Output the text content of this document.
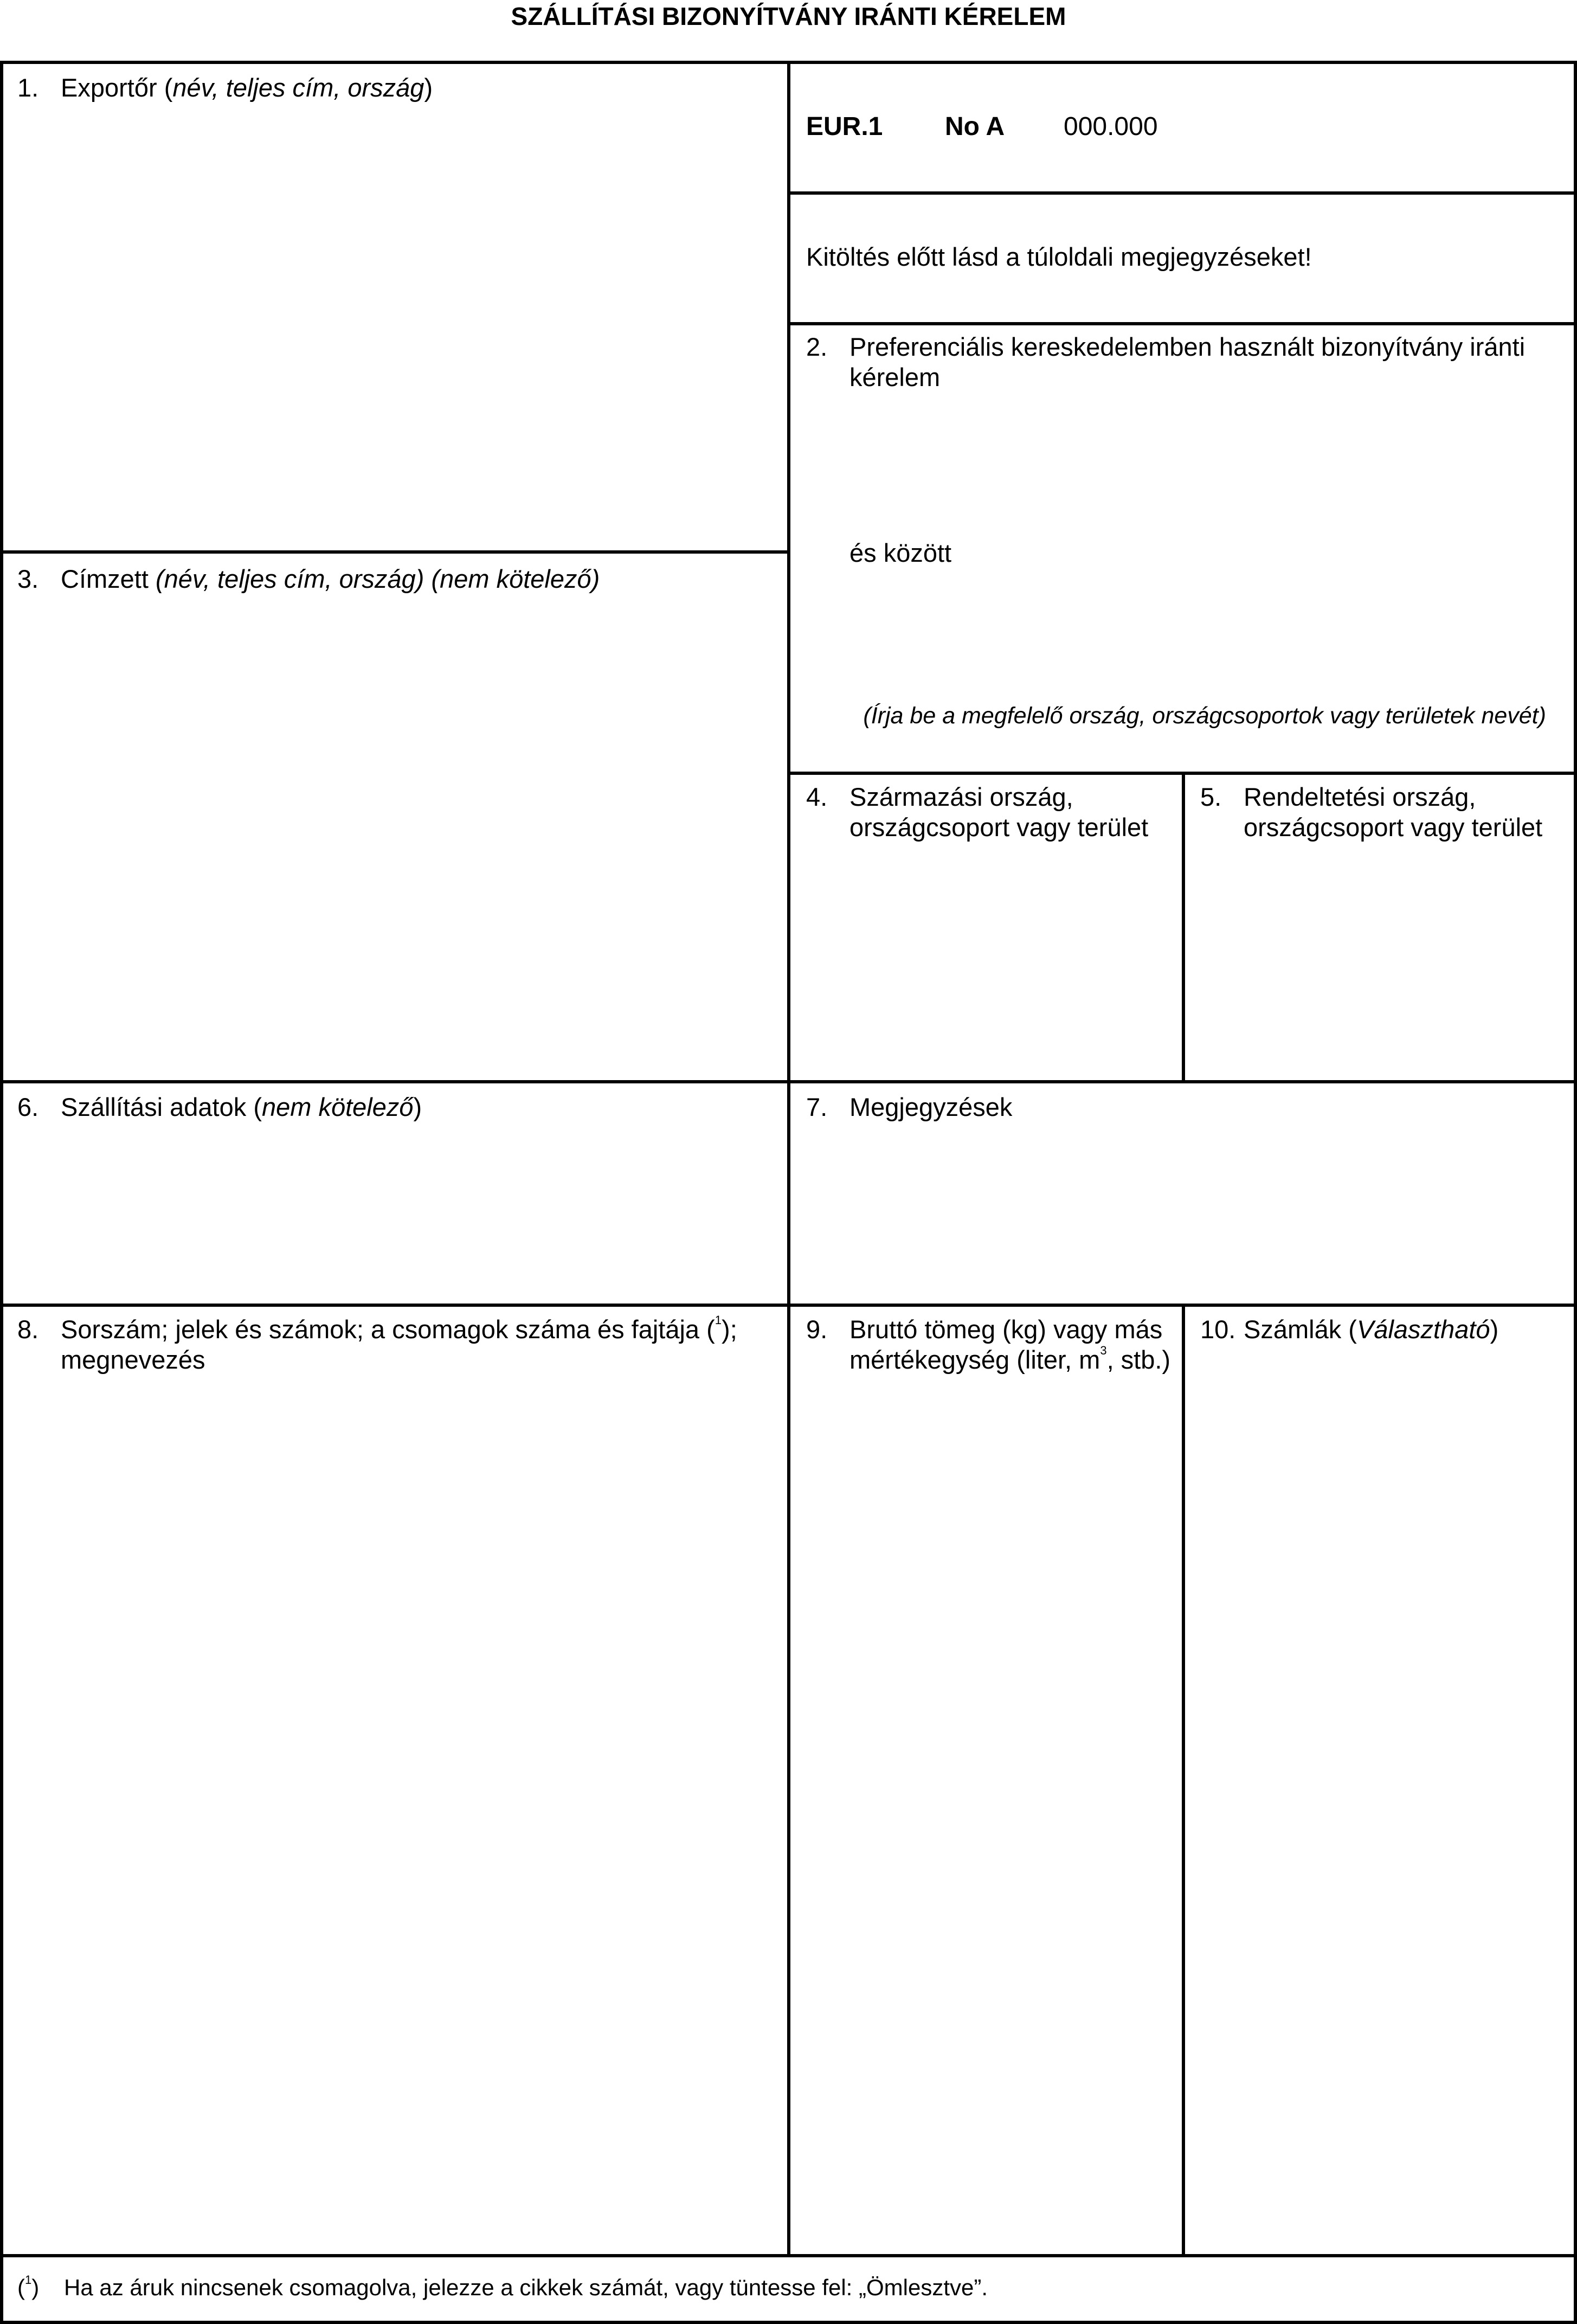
SZÁLLÍTÁSI BIZONYÍTVÁNY IRÁNTI KÉRELEM
1. Exportőr (név, teljes cím, ország)
EUR.1 No A 000.000
Kitöltés előtt lásd a túloldali megjegyzéseket!
2. Preferenciális kereskedelemben használt bizonyítvány iránti kérelem
és között
(Írja be a megfelelő ország, országcsoportok vagy területek nevét)
3. Címzett (név, teljes cím, ország) (nem kötelező)
4. Származási ország, országcsoport vagy terület
5. Rendeltetési ország, országcsoport vagy terület
6. Szállítási adatok (nem kötelező)	7. Megjegyzések
8. Sorszám; jelek és számok; a csomagok száma és fajtája ($^1$); megnevezés
9. Bruttó tömeg (kg) vagy más mértékegység (liter, $m^3$, stb.)
10. Számlák (Választható)
($^1$) Ha az áruk nincsenek csomagolva, jelezze a cikkek számát, vagy tüntesse fel: „Ömlesztve”.
